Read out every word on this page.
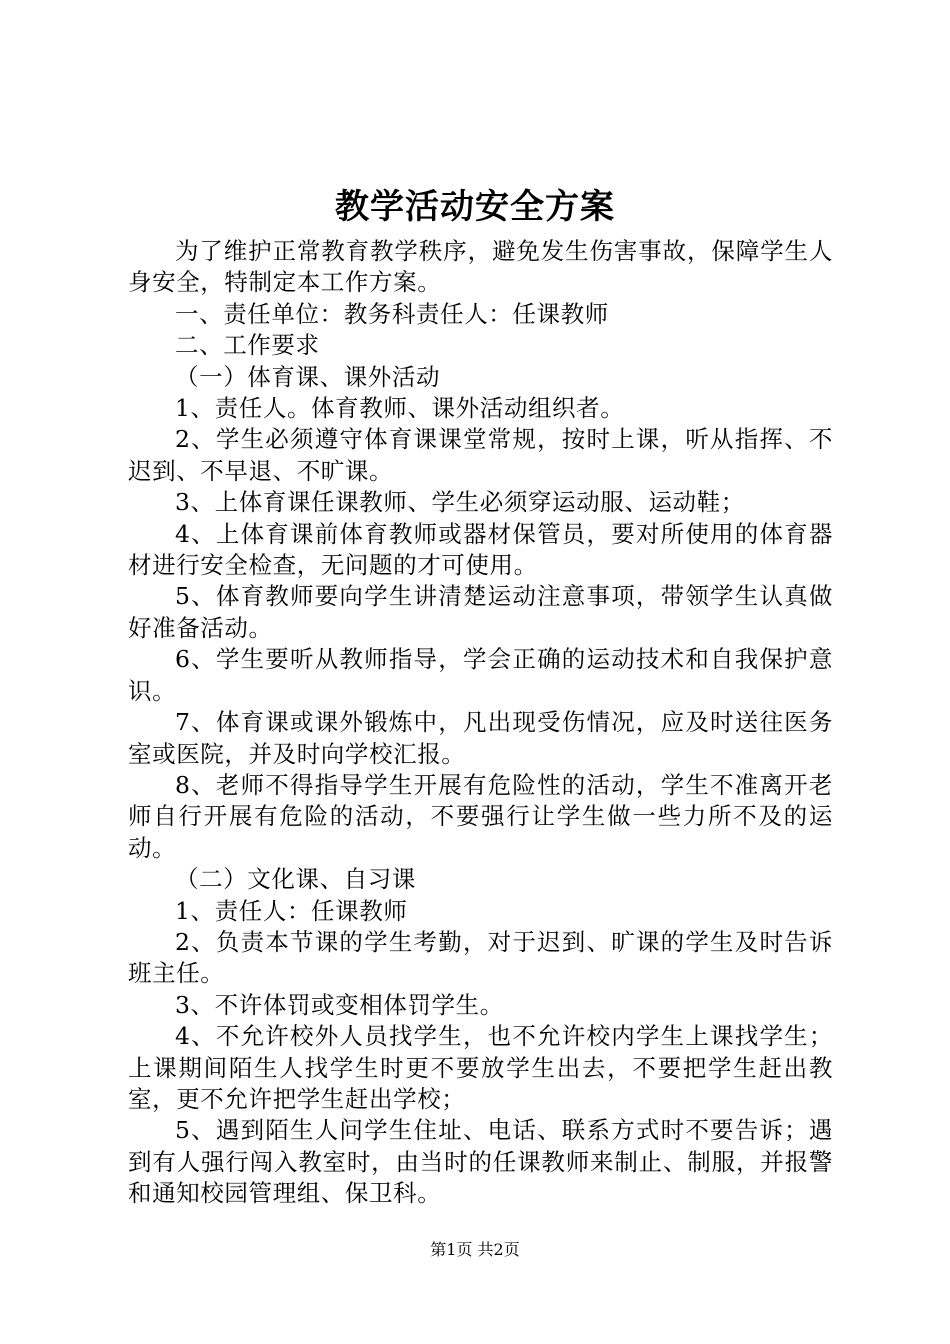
教学活动安全方案

为了维护正常教育教学秩序，避免发生伤害事故，保障学生人身安全，特制定本工作方案。

一、责任单位：教务科责任人：任课教师

二、工作要求

（一）体育课、课外活动

1、责任人。体育教师、课外活动组织者。

2、学生必须遵守体育课课堂常规，按时上课，听从指挥、不迟到、不早退、不旷课。

3、上体育课任课教师、学生必须穿运动服、运动鞋；

4、上体育课前体育教师或器材保管员，要对所使用的体育器材进行安全检查，无问题的才可使用。

5、体育教师要向学生讲清楚运动注意事项，带领学生认真做好准备活动。

6、学生要听从教师指导，学会正确的运动技术和自我保护意识。

7、体育课或课外锻炼中，凡出现受伤情况，应及时送往医务室或医院，并及时向学校汇报。

8、老师不得指导学生开展有危险性的活动，学生不准离开老师自行开展有危险的活动，不要强行让学生做一些力所不及的运动。

（二）文化课、自习课

1、责任人：任课教师

2、负责本节课的学生考勤，对于迟到、旷课的学生及时告诉班主任。

3、不许体罚或变相体罚学生。

4、不允许校外人员找学生，也不允许校内学生上课找学生；上课期间陌生人找学生时更不要放学生出去，不要把学生赶出教室，更不允许把学生赶出学校；

5、遇到陌生人问学生住址、电话、联系方式时不要告诉；遇到有人强行闯入教室时，由当时的任课教师来制止、制服，并报警和通知校园管理组、保卫科。

第1页 共2页
